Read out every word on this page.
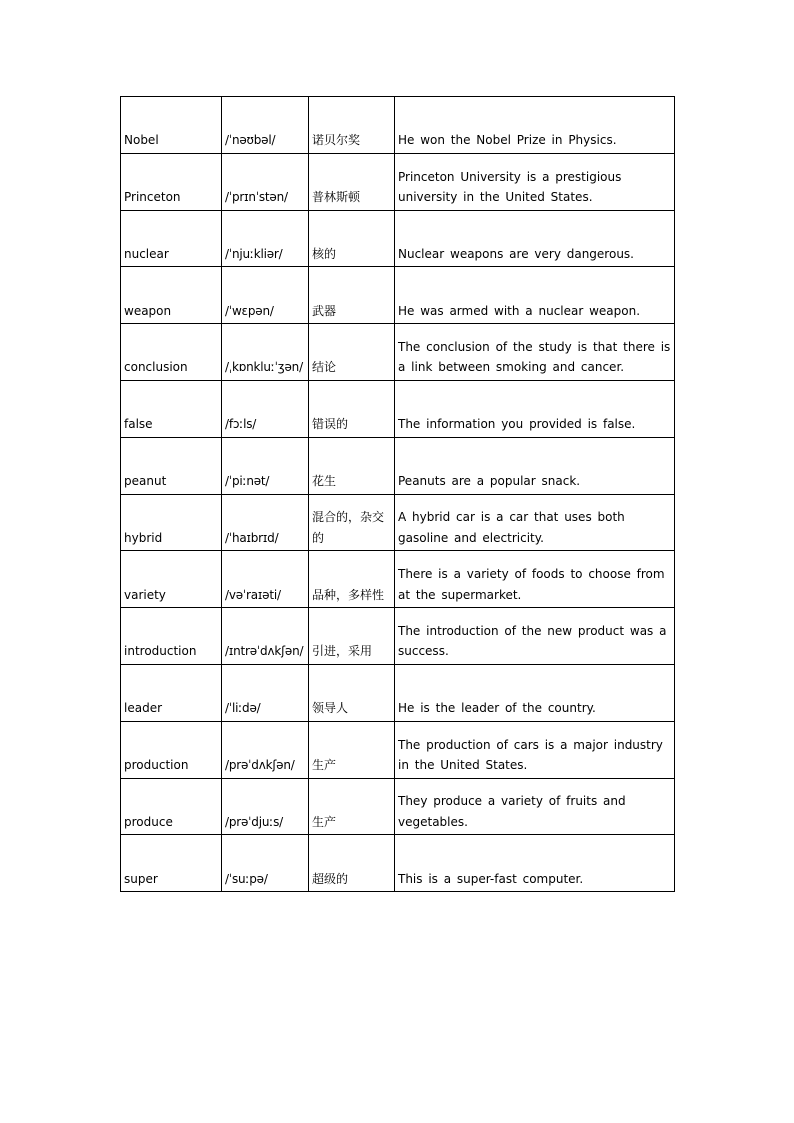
Nobel	/ˈnəʊbəl/	诺贝尔奖	He won the Nobel Prize in Physics.
Princeton	/ˈprɪnˈstən/	普林斯顿	Princeton University is a prestigious university in the United States.
nuclear	/ˈnjuːkliər/	核的	Nuclear weapons are very dangerous.
weapon	/ˈwɛpən/	武器	He was armed with a nuclear weapon.
conclusion	/ˌkɒnkluːˈʒən/	结论	The conclusion of the study is that there is a link between smoking and cancer.
false	/fɔːls/	错误的	The information you provided is false.
peanut	/ˈpiːnət/	花生	Peanuts are a popular snack.
hybrid	/ˈhaɪbrɪd/	混合的，杂交的	A hybrid car is a car that uses both gasoline and electricity.
variety	/vəˈraɪəti/	品种，多样性	There is a variety of foods to choose from at the supermarket.
introduction	/ɪntrəˈdʌkʃən/	引进，采用	The introduction of the new product was a success.
leader	/ˈliːdə/	领导人	He is the leader of the country.
production	/prəˈdʌkʃən/	生产	The production of cars is a major industry in the United States.
produce	/prəˈdjuːs/	生产	They produce a variety of fruits and vegetables.
super	/ˈsuːpə/	超级的	This is a super-fast computer.
